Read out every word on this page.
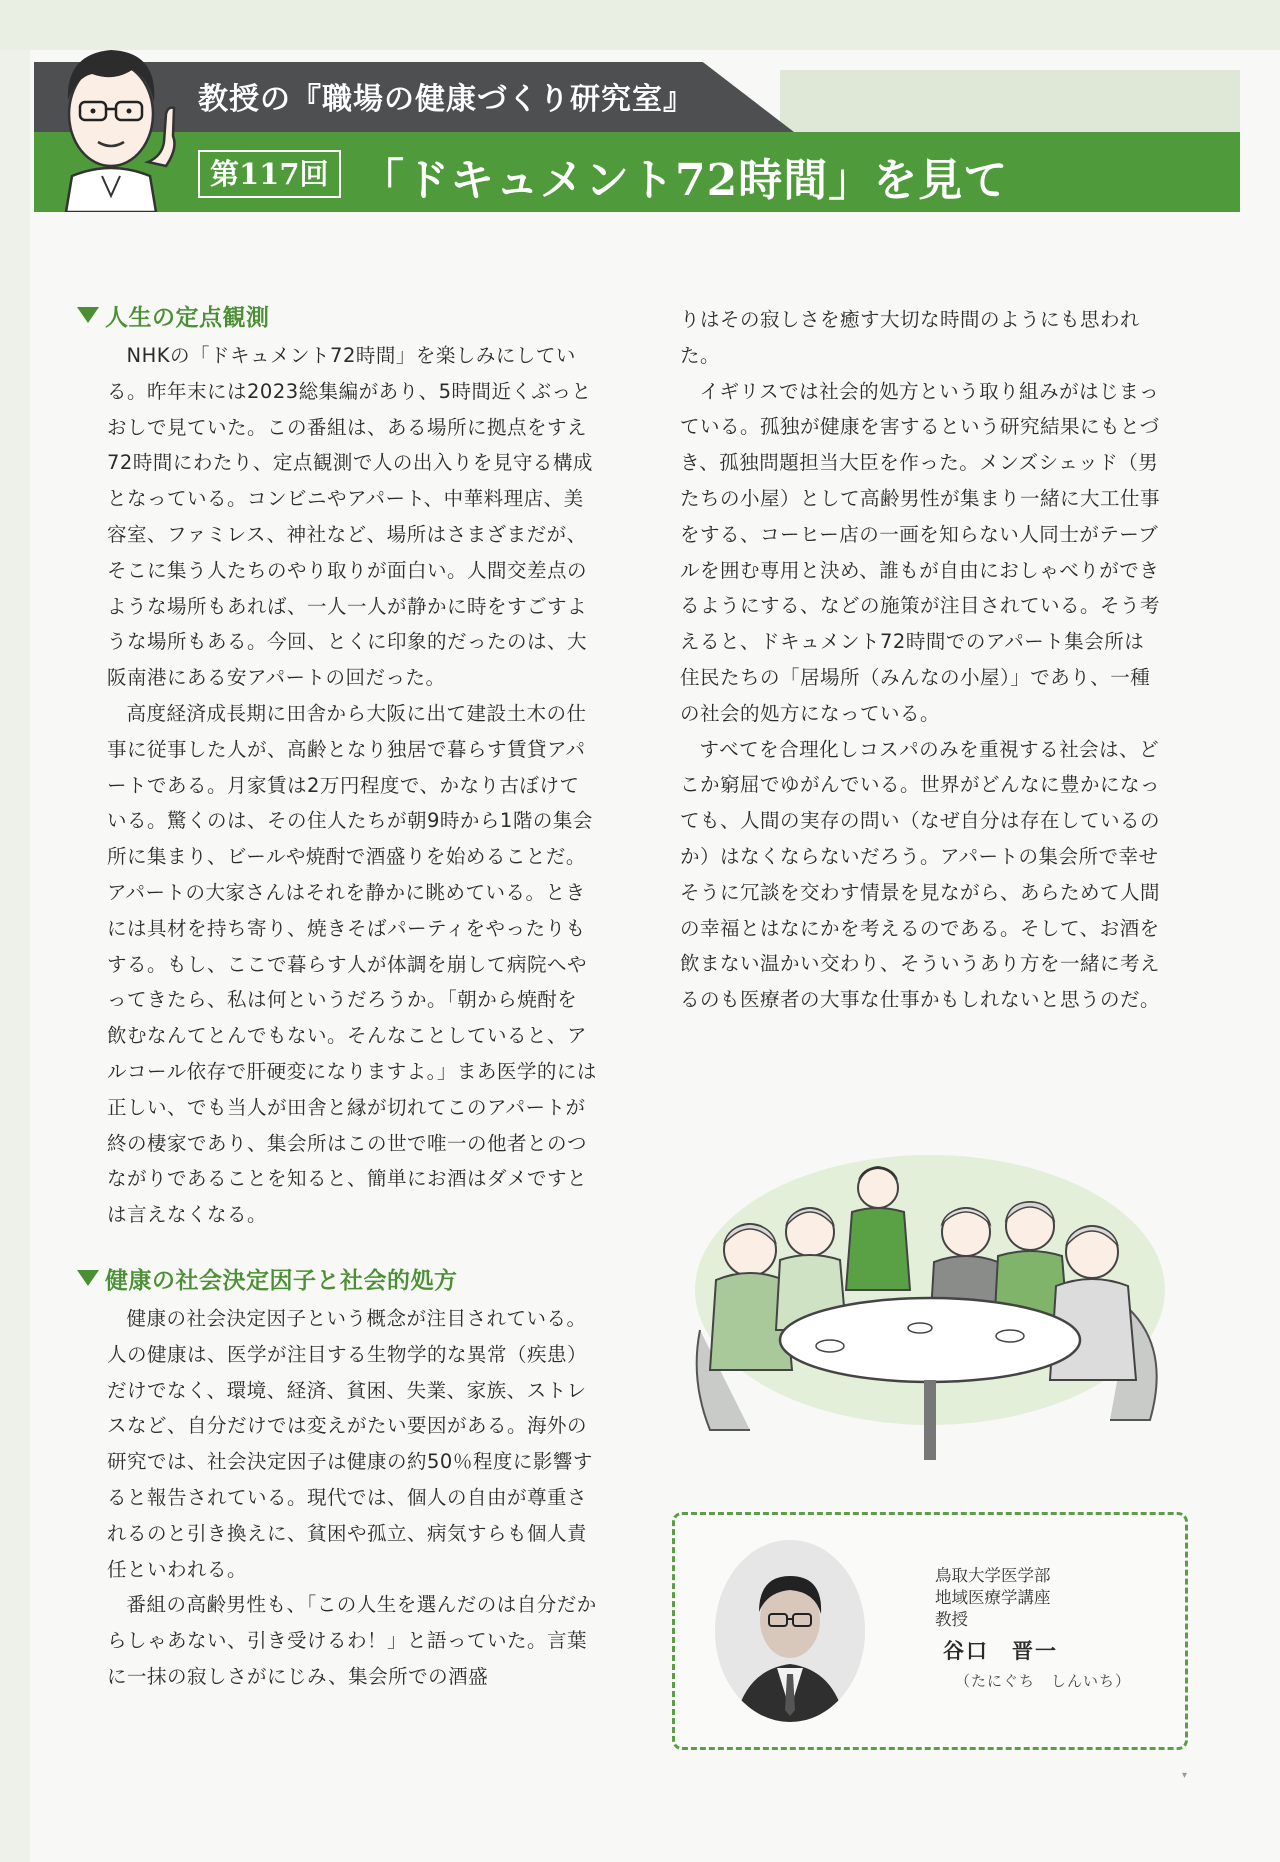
教授の『職場の健康づくり研究室』
第117回 「ドキュメント72時間」を見て
人生の定点観測

NHKの「ドキュメント72時間」を楽しみにしている。昨年末には2023総集編があり、5時間近くぶっとおしで見ていた。この番組は、ある場所に拠点をすえ72時間にわたり、定点観測で人の出入りを見守る構成となっている。コンビニやアパート、中華料理店、美容室、ファミレス、神社など、場所はさまざまだが、そこに集う人たちのやり取りが面白い。人間交差点のような場所もあれば、一人一人が静かに時をすごすような場所もある。今回、とくに印象的だったのは、大阪南港にある安アパートの回だった。

高度経済成長期に田舎から大阪に出て建設土木の仕事に従事した人が、高齢となり独居で暮らす賃貸アパートである。月家賃は2万円程度で、かなり古ぼけている。驚くのは、その住人たちが朝9時から1階の集会所に集まり、ビールや焼酎で酒盛りを始めることだ。アパートの大家さんはそれを静かに眺めている。ときには具材を持ち寄り、焼きそばパーティをやったりもする。もし、ここで暮らす人が体調を崩して病院へやってきたら、私は何というだろうか。「朝から焼酎を飲むなんてとんでもない。そんなことしていると、アルコール依存で肝硬変になりますよ。」まあ医学的には正しい、でも当人が田舎と縁が切れてこのアパートが終の棲家であり、集会所はこの世で唯一の他者とのつながりであることを知ると、簡単にお酒はダメですとは言えなくなる。

健康の社会決定因子と社会的処方

健康の社会決定因子という概念が注目されている。人の健康は、医学が注目する生物学的な異常（疾患）だけでなく、環境、経済、貧困、失業、家族、ストレスなど、自分だけでは変えがたい要因がある。海外の研究では、社会決定因子は健康の約50％程度に影響すると報告されている。現代では、個人の自由が尊重されるのと引き換えに、貧困や孤立、病気すらも個人責任といわれる。

番組の高齢男性も、「この人生を選んだのは自分だからしゃあない、引き受けるわ！」と語っていた。言葉に一抹の寂しさがにじみ、集会所での酒盛

りはその寂しさを癒す大切な時間のようにも思われた。

イギリスでは社会的処方という取り組みがはじまっている。孤独が健康を害するという研究結果にもとづき、孤独問題担当大臣を作った。メンズシェッド（男たちの小屋）として高齢男性が集まり一緒に大工仕事をする、コーヒー店の一画を知らない人同士がテーブルを囲む専用と決め、誰もが自由におしゃべりができるようにする、などの施策が注目されている。そう考えると、ドキュメント72時間でのアパート集会所は住民たちの「居場所（みんなの小屋）」であり、一種の社会的処方になっている。

すべてを合理化しコスパのみを重視する社会は、どこか窮屈でゆがんでいる。世界がどんなに豊かになっても、人間の実存の問い（なぜ自分は存在しているのか）はなくならないだろう。アパートの集会所で幸せそうに冗談を交わす情景を見ながら、あらためて人間の幸福とはなにかを考えるのである。そして、お酒を飲まない温かい交わり、そういうあり方を一緒に考えるのも医療者の大事な仕事かもしれないと思うのだ。

鳥取大学医学部
地域医療学講座
教授
谷口　晋一
（たにぐち　しんいち）
▾
